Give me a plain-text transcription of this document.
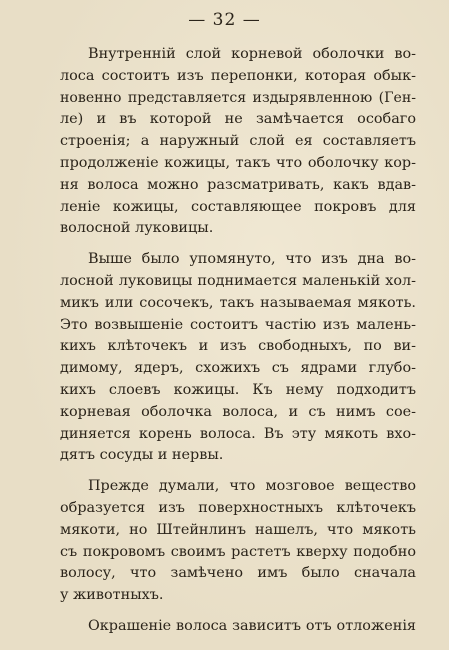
— 32 —
Внутренній слой корневой оболочки во-
лоса состоитъ изъ перепонки, которая обык-
новенно представляется издырявленною (Ген-
ле) и въ которой не замѣчается особаго
строенія; а наружный слой ея составляетъ
продолженіе кожицы, такъ что оболочку кор-
ня волоса можно разсматривать, какъ вдав-
леніе кожицы, составляющее покровъ для
волосной луковицы.
Выше было упомянуто, что изъ дна во-
лосной луковицы поднимается маленькій хол-
микъ или сосочекъ, такъ называемая мякоть.
Это возвышеніе состоитъ частію изъ малень-
кихъ клѣточекъ и изъ свободныхъ, по ви-
димому, ядеръ, схожихъ съ ядрами глубо-
кихъ слоевъ кожицы. Къ нему подходитъ
корневая оболочка волоса, и съ нимъ сое-
диняется корень волоса. Въ эту мякоть вхо-
дятъ сосуды и нервы.
Прежде думали, что мозговое вещество
образуется изъ поверхностныхъ клѣточекъ
мякоти, но Штейнлинъ нашелъ, что мякоть
съ покровомъ своимъ растетъ кверху подобно
волосу, что замѣчено имъ было сначала
у животныхъ.
Окрашеніе волоса зависитъ отъ отложенія
